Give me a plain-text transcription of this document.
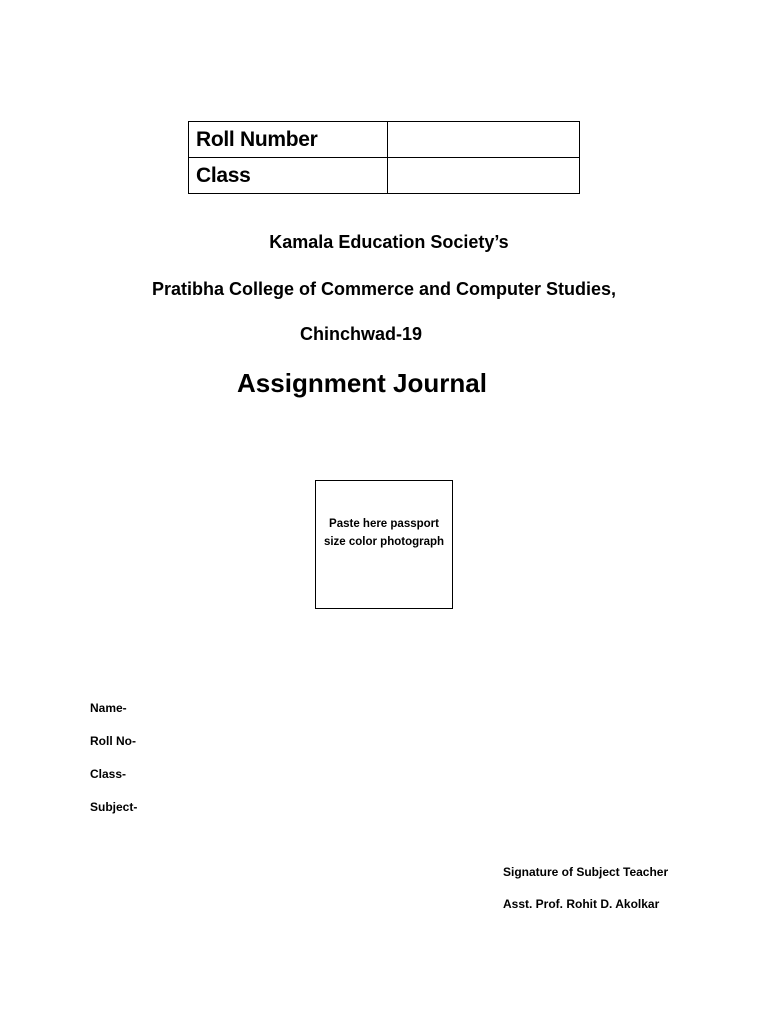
Roll Number	
Class	
Kamala Education Society’s
Pratibha College of Commerce and Computer Studies,
Chinchwad-19
Assignment Journal
Paste here passport
size color photograph
Name-
Roll No-
Class-
Subject-
Signature of Subject Teacher
Asst. Prof. Rohit D. Akolkar
